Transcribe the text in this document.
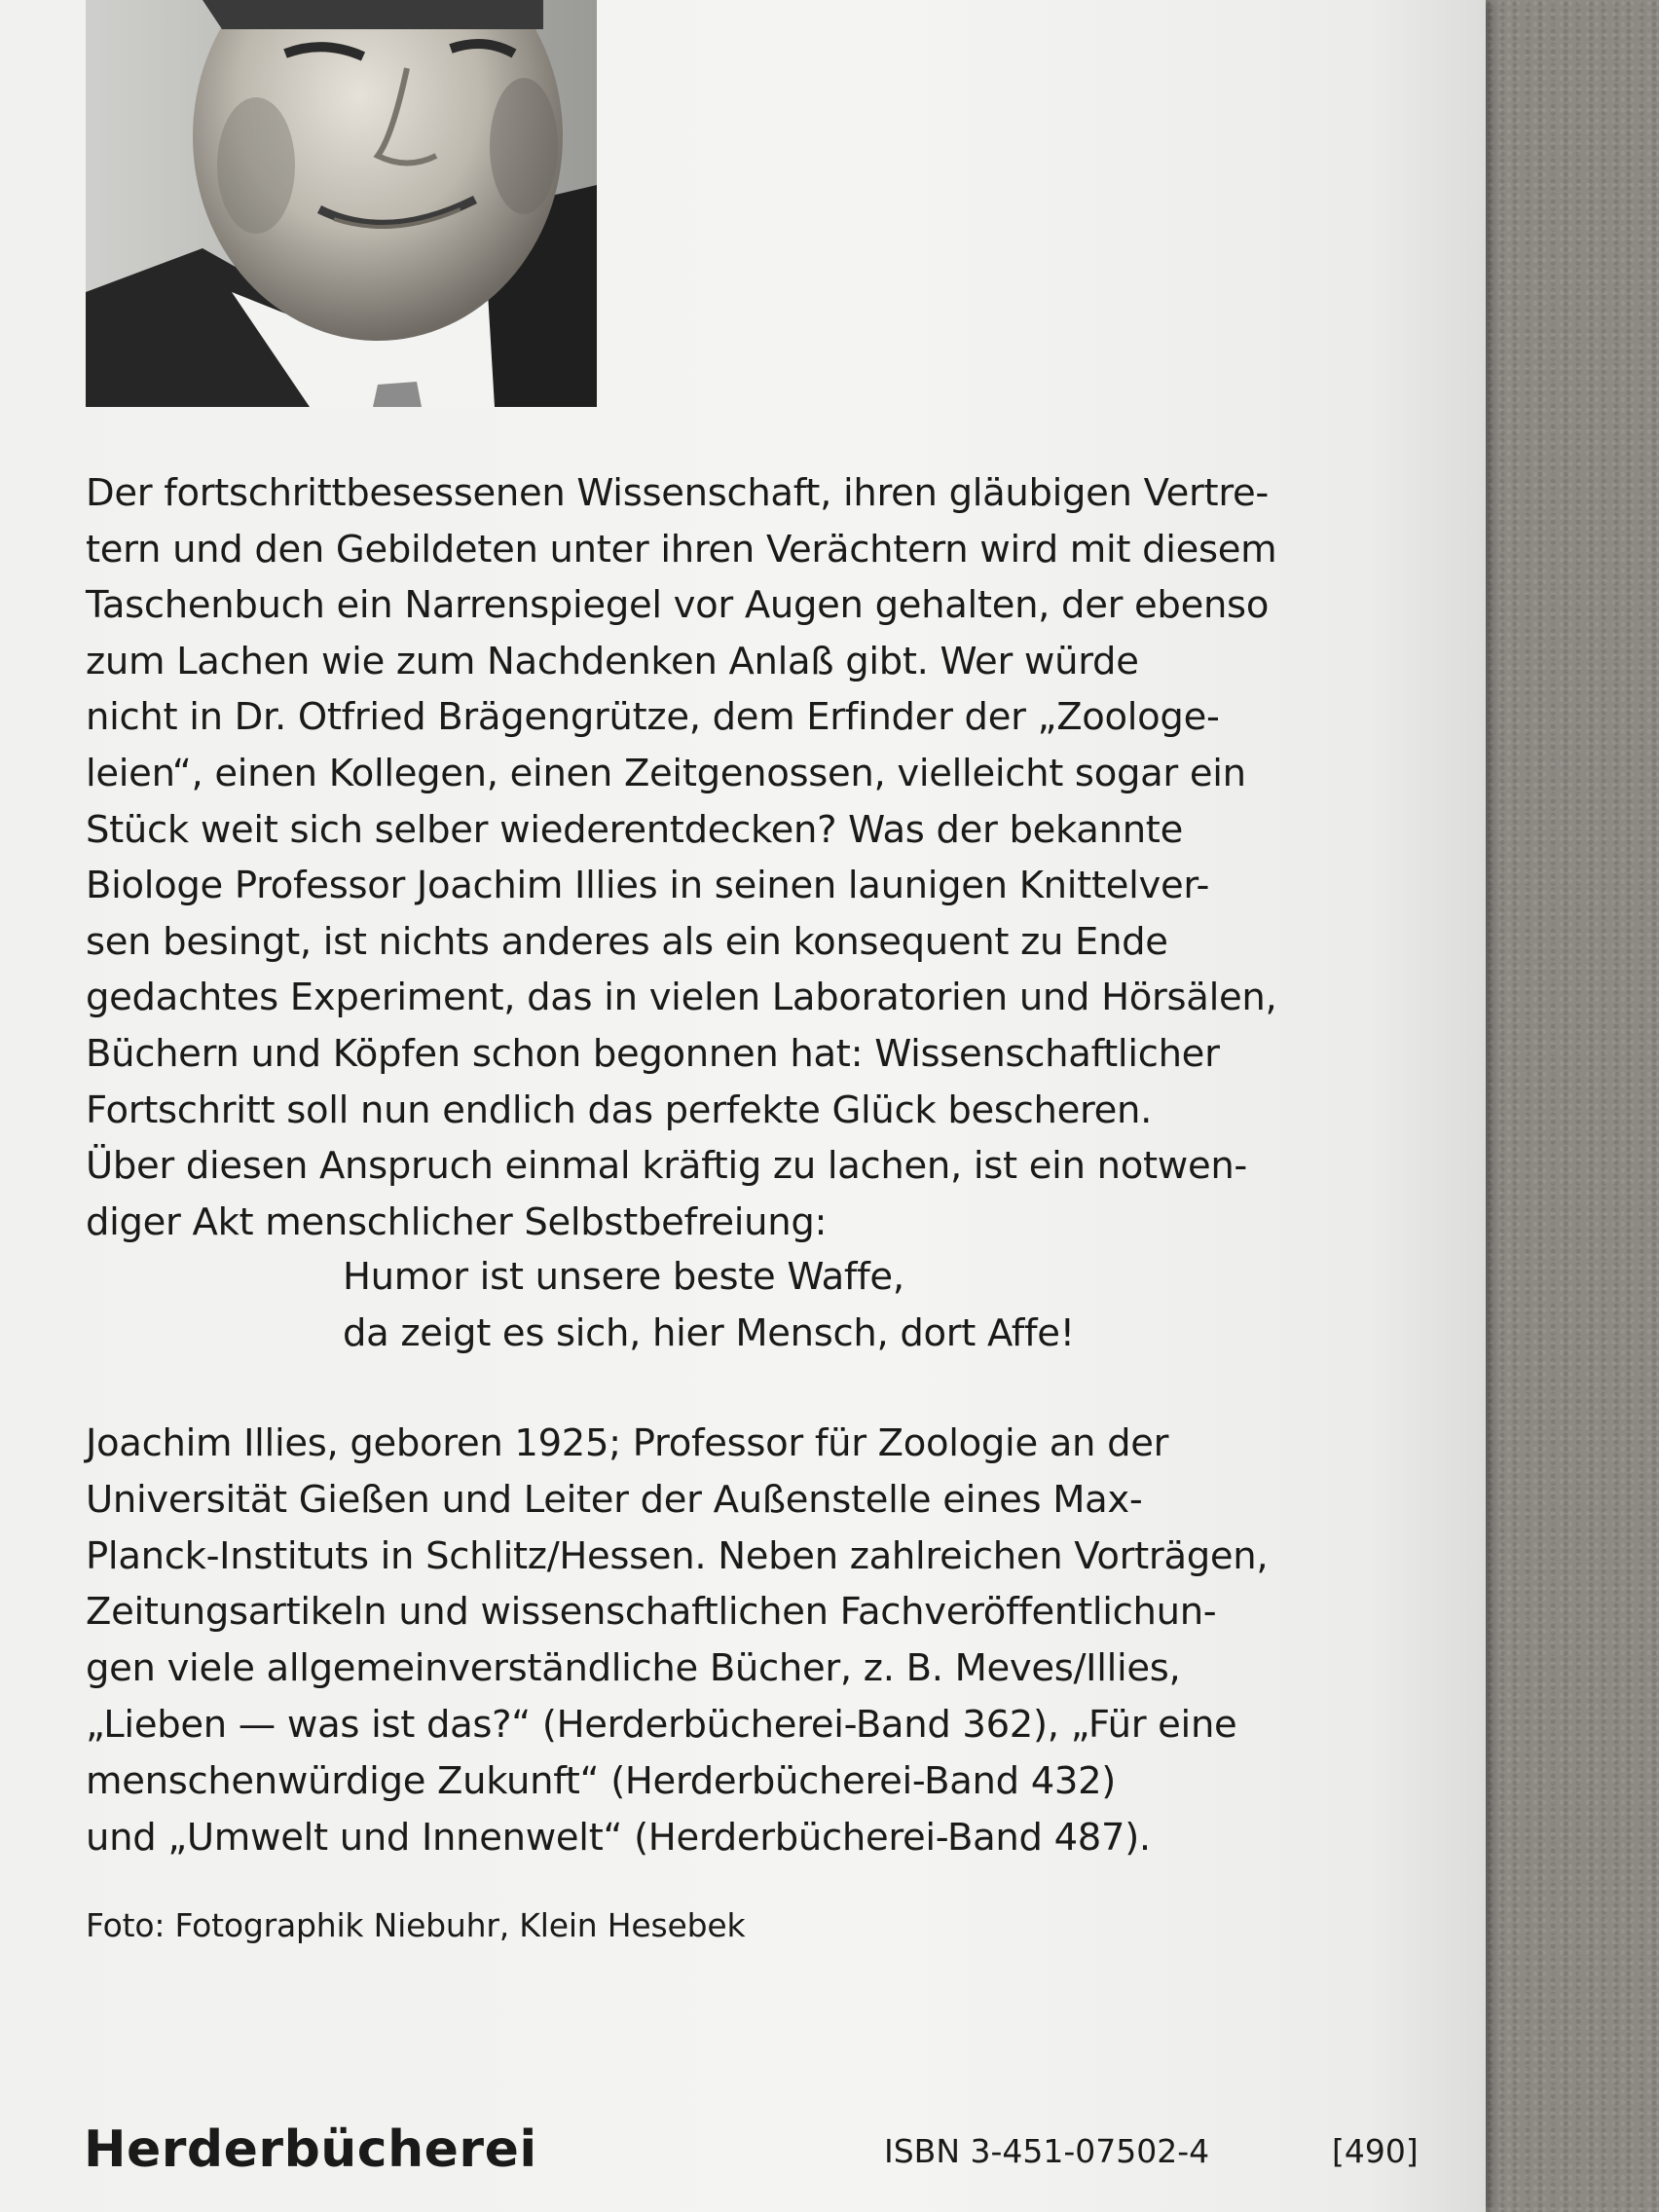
Der fortschrittbesessenen Wissenschaft, ihren gläubigen Vertre-
tern und den Gebildeten unter ihren Verächtern wird mit diesem
Taschenbuch ein Narrenspiegel vor Augen gehalten, der ebenso
zum Lachen wie zum Nachdenken Anlaß gibt. Wer würde
nicht in Dr. Otfried Brägengrütze, dem Erfinder der „Zoologe-
leien“, einen Kollegen, einen Zeitgenossen, vielleicht sogar ein
Stück weit sich selber wiederentdecken? Was der bekannte
Biologe Professor Joachim Illies in seinen launigen Knittelver-
sen besingt, ist nichts anderes als ein konsequent zu Ende
gedachtes Experiment, das in vielen Laboratorien und Hörsälen,
Büchern und Köpfen schon begonnen hat: Wissenschaftlicher
Fortschritt soll nun endlich das perfekte Glück bescheren.
Über diesen Anspruch einmal kräftig zu lachen, ist ein notwen-
diger Akt menschlicher Selbstbefreiung:
Humor ist unsere beste Waffe,
da zeigt es sich, hier Mensch, dort Affe!
Joachim Illies, geboren 1925; Professor für Zoologie an der
Universität Gießen und Leiter der Außenstelle eines Max-
Planck-Instituts in Schlitz/Hessen. Neben zahlreichen Vorträgen,
Zeitungsartikeln und wissenschaftlichen Fachveröffentlichun-
gen viele allgemeinverständliche Bücher, z. B. Meves/Illies,
„Lieben — was ist das?“ (Herderbücherei-Band 362), „Für eine
menschenwürdige Zukunft“ (Herderbücherei-Band 432)
und „Umwelt und Innenwelt“ (Herderbücherei-Band 487).
Foto: Fotographik Niebuhr, Klein Hesebek
Herderbücherei	ISBN 3-451-07502-4	[490]
